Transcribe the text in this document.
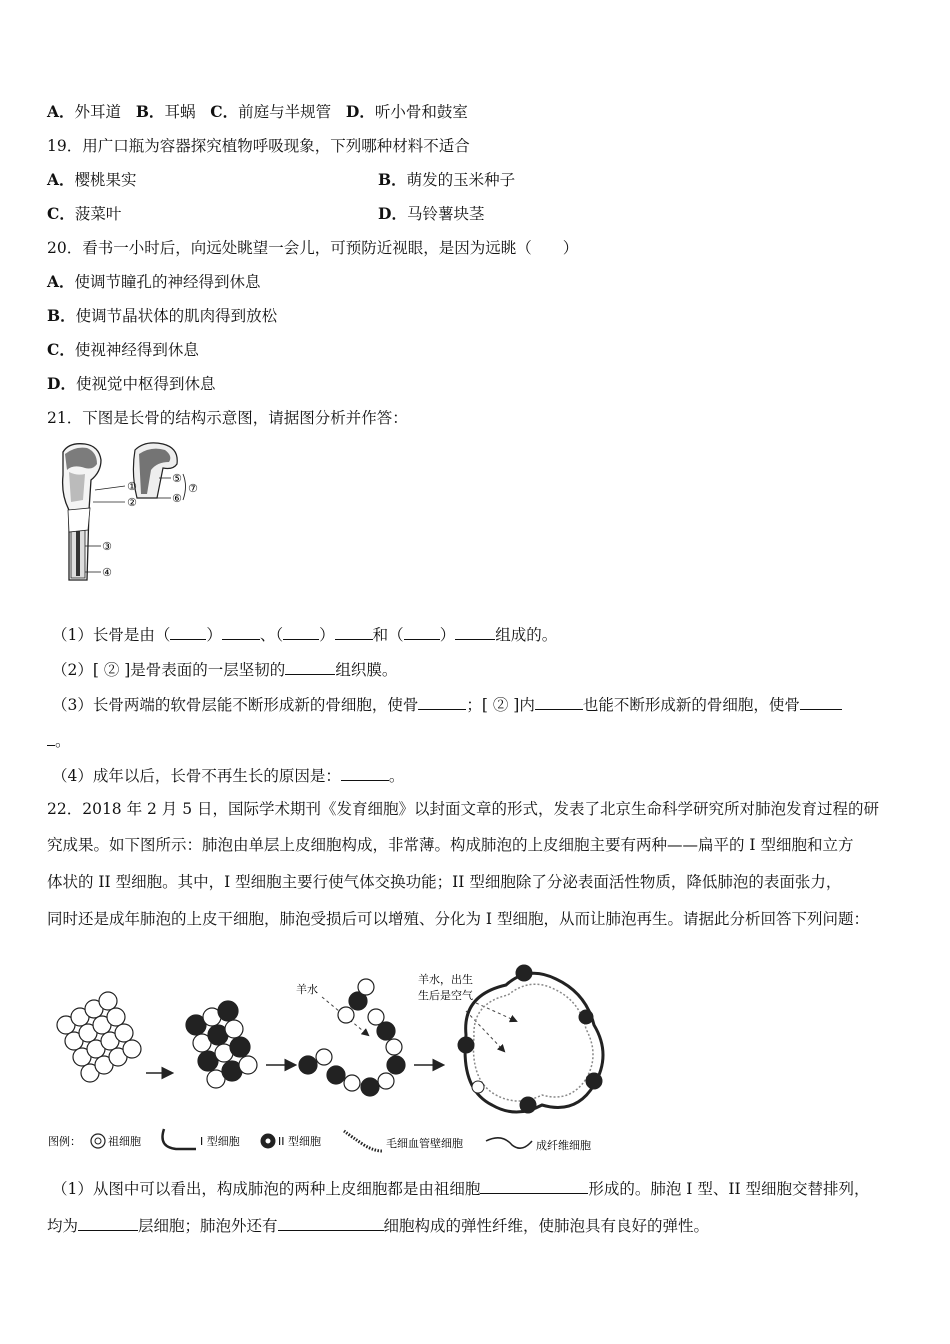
A．外耳道 B．耳蜗 C．前庭与半规管 D．听小骨和鼓室
19．用广口瓶为容器探究植物呼吸现象，下列哪种材料不适合
A．樱桃果实	B．萌发的玉米种子
C．菠菜叶	D．马铃薯块茎
20．看书一小时后，向远处眺望一会儿，可预防近视眼，是因为远眺（　　）
A．使调节瞳孔的神经得到休息
B．使调节晶状体的肌肉得到放松
C．使视神经得到休息
D．使视觉中枢得到休息
21．下图是长骨的结构示意图，请据图分析并作答：
①
②
③
④
⑤
⑥
⑦
（1）长骨是由（ ） 、（ ） 和（ ）	组成的。
（2）[ ② ]是骨表面的一层坚韧的	组织膜。
（3）长骨两端的软骨层能不断形成新的骨细胞，使骨	；[ ② ]内	也能不断形成新的骨细胞，使骨
。
（4）成年以后，长骨不再生长的原因是：	。
22．2018 年 2 月 5 日，国际学术期刊《发育细胞》以封面文章的形式，发表了北京生命科学研究所对肺泡发育过程的研
究成果。如下图所示：肺泡由单层上皮细胞构成，非常薄。构成肺泡的上皮细胞主要有两种——扁平的 I 型细胞和立方
体状的 II 型细胞。其中，I 型细胞主要行使气体交换功能；II 型细胞除了分泌表面活性物质，降低肺泡的表面张力，
同时还是成年肺泡的上皮干细胞，肺泡受损后可以增殖、分化为 I 型细胞，从而让肺泡再生。请据此分析回答下列问题：
羊水
羊水，出生
生后是空气
图例： 祖细胞	I 型细胞	II 型细胞	毛细血管壁细胞	成纤维细胞
（1）从图中可以看出，构成肺泡的两种上皮细胞都是由祖细胞	形成的。肺泡 I 型、II 型细胞交替排列，
均为	层细胞；肺泡外还有	细胞构成的弹性纤维，使肺泡具有良好的弹性。
